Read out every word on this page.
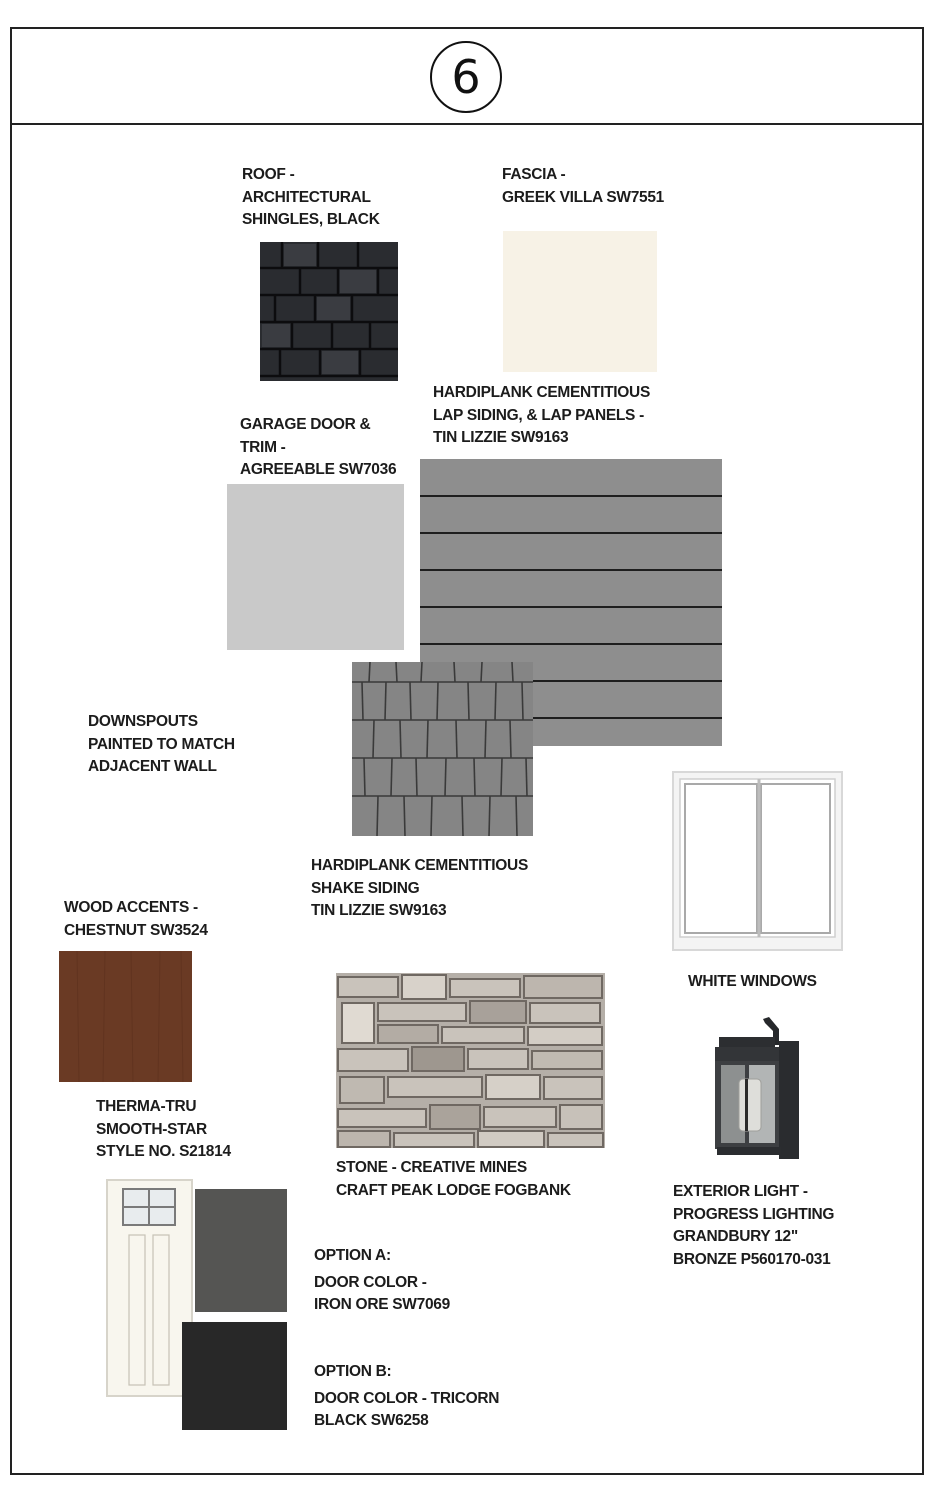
6
ROOF -
ARCHITECTURAL
SHINGLES, BLACK
FASCIA -
GREEK VILLA SW7551
HARDIPLANK CEMENTITIOUS
LAP SIDING, & LAP PANELS -
TIN LIZZIE SW9163
GARAGE DOOR &
TRIM -
AGREEABLE SW7036
DOWNSPOUTS
PAINTED TO MATCH
ADJACENT WALL
HARDIPLANK CEMENTITIOUS
SHAKE SIDING
TIN LIZZIE SW9163
WOOD ACCENTS -
CHESTNUT SW3524
WHITE WINDOWS
THERMA-TRU
SMOOTH-STAR
STYLE NO. S21814
STONE - CREATIVE MINES
CRAFT PEAK LODGE FOGBANK	EXTERIOR LIGHT -
PROGRESS LIGHTING
GRANDBURY 12"
BRONZE P560170-031
OPTION A:
DOOR COLOR -
IRON ORE SW7069
OPTION B:
DOOR COLOR - TRICORN
BLACK SW6258
